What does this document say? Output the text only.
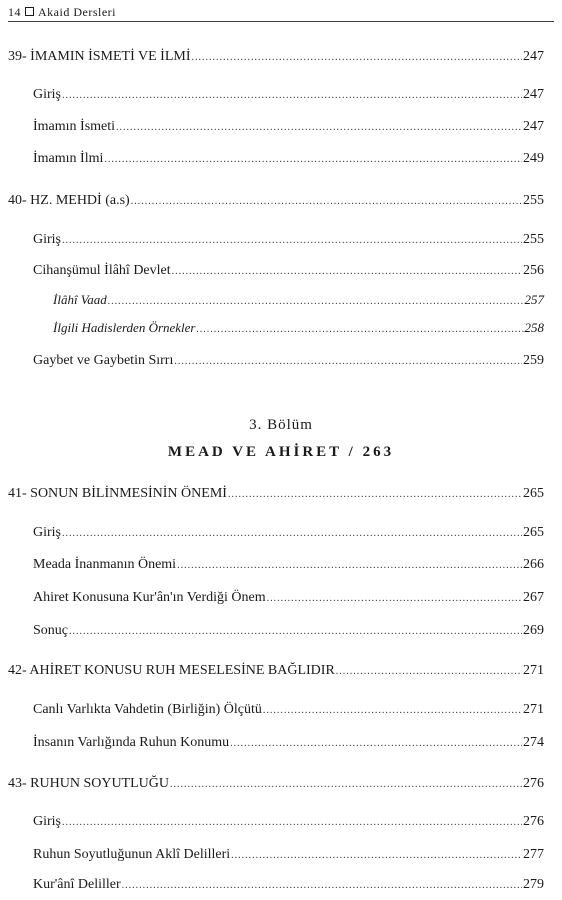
14 Akaid Dersleri
39- İMAMIN İSMETİ VE İLMİ .....	247
Giriş .....	247
İmamın İsmeti .....	247
İmamın İlmi .....	249
40- HZ. MEHDİ (a.s) .....	255
Giriş .....	255
Cihanşümul İlâhî Devlet .....	256
İlâhî Vaad .....	257
İlgili Hadislerden Örnekler .....	258
Gaybet ve Gaybetin Sırrı .....	259
3. Bölüm
MEAD VE AHİRET / 263
41- SONUN BİLİNMESİNİN ÖNEMİ .....	265
Giriş .....	265
Meada İnanmanın Önemi .....	266
Ahiret Konusuna Kur'ân'ın Verdiği Önem .....	267
Sonuç .....	269
42- AHİRET KONUSU RUH MESELESİNE BAĞLIDIR .....	271
Canlı Varlıkta Vahdetin (Birliğin) Ölçütü .....	271
İnsanın Varlığında Ruhun Konumu .....	274
43- RUHUN SOYUTLUĞU .....	276
Giriş .....	276
Ruhun Soyutluğunun Aklî Delilleri .....	277
Kur'ânî Deliller .....	279
